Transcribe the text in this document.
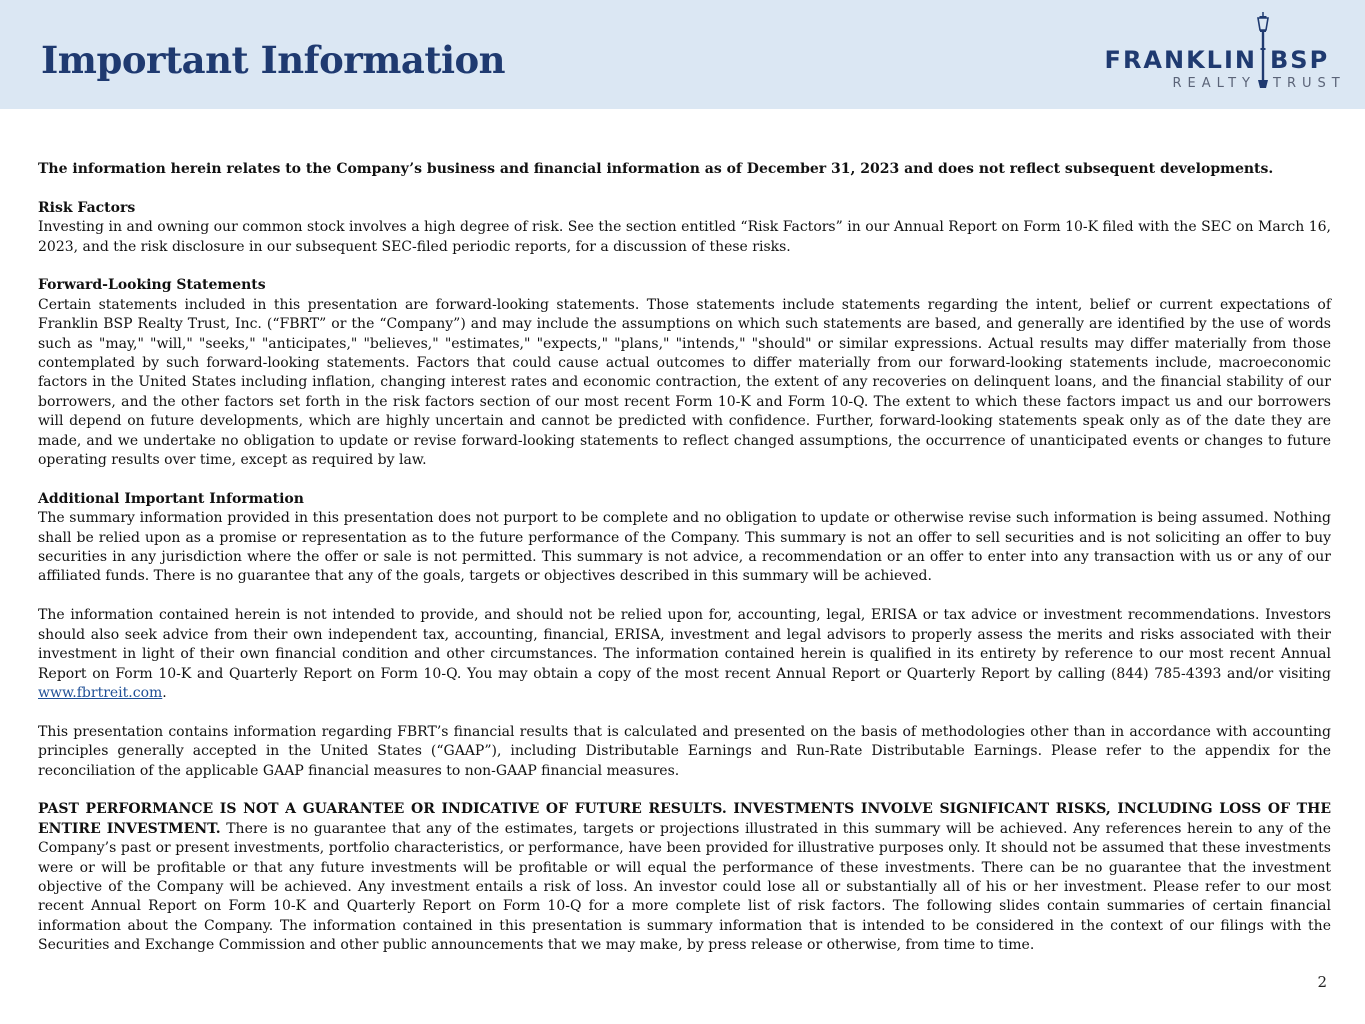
Important Information	FRANKLIN BSP
REALTY TRUST

The information herein relates to the Company’s business and financial information as of December 31, 2023 and does not reflect subsequent developments.

Risk Factors
Investing in and owning our common stock involves a high degree of risk. See the section entitled “Risk Factors” in our Annual Report on Form 10-K filed with the SEC on March 16, 2023, and the risk disclosure in our subsequent SEC-filed periodic reports, for a discussion of these risks.

Forward-Looking Statements
Certain statements included in this presentation are forward-looking statements. Those statements include statements regarding the intent, belief or current expectations of Franklin BSP Realty Trust, Inc. (“FBRT” or the “Company”) and may include the assumptions on which such statements are based, and generally are identified by the use of words such as "may," "will," "seeks," "anticipates," "believes," "estimates," "expects," "plans," "intends," "should" or similar expressions. Actual results may differ materially from those contemplated by such forward-looking statements. Factors that could cause actual outcomes to differ materially from our forward-looking statements include, macroeconomic factors in the United States including inflation, changing interest rates and economic contraction, the extent of any recoveries on delinquent loans, and the financial stability of our borrowers, and the other factors set forth in the risk factors section of our most recent Form 10-K and Form 10-Q. The extent to which these factors impact us and our borrowers will depend on future developments, which are highly uncertain and cannot be predicted with confidence. Further, forward-looking statements speak only as of the date they are made, and we undertake no obligation to update or revise forward-looking statements to reflect changed assumptions, the occurrence of unanticipated events or changes to future operating results over time, except as required by law.

Additional Important Information
The summary information provided in this presentation does not purport to be complete and no obligation to update or otherwise revise such information is being assumed. Nothing shall be relied upon as a promise or representation as to the future performance of the Company. This summary is not an offer to sell securities and is not soliciting an offer to buy securities in any jurisdiction where the offer or sale is not permitted. This summary is not advice, a recommendation or an offer to enter into any transaction with us or any of our affiliated funds. There is no guarantee that any of the goals, targets or objectives described in this summary will be achieved.

The information contained herein is not intended to provide, and should not be relied upon for, accounting, legal, ERISA or tax advice or investment recommendations. Investors should also seek advice from their own independent tax, accounting, financial, ERISA, investment and legal advisors to properly assess the merits and risks associated with their investment in light of their own financial condition and other circumstances. The information contained herein is qualified in its entirety by reference to our most recent Annual Report on Form 10-K and Quarterly Report on Form 10-Q. You may obtain a copy of the most recent Annual Report or Quarterly Report by calling (844) 785-4393 and/or visiting www.fbrtreit.com.

This presentation contains information regarding FBRT’s financial results that is calculated and presented on the basis of methodologies other than in accordance with accounting principles generally accepted in the United States (“GAAP”), including Distributable Earnings and Run-Rate Distributable Earnings. Please refer to the appendix for the reconciliation of the applicable GAAP financial measures to non-GAAP financial measures.

PAST PERFORMANCE IS NOT A GUARANTEE OR INDICATIVE OF FUTURE RESULTS. INVESTMENTS INVOLVE SIGNIFICANT RISKS, INCLUDING LOSS OF THE ENTIRE INVESTMENT. There is no guarantee that any of the estimates, targets or projections illustrated in this summary will be achieved. Any references herein to any of the Company’s past or present investments, portfolio characteristics, or performance, have been provided for illustrative purposes only. It should not be assumed that these investments were or will be profitable or that any future investments will be profitable or will equal the performance of these investments. There can be no guarantee that the investment objective of the Company will be achieved. Any investment entails a risk of loss. An investor could lose all or substantially all of his or her investment. Please refer to our most recent Annual Report on Form 10-K and Quarterly Report on Form 10-Q for a more complete list of risk factors. The following slides contain summaries of certain financial information about the Company. The information contained in this presentation is summary information that is intended to be considered in the context of our filings with the Securities and Exchange Commission and other public announcements that we may make, by press release or otherwise, from time to time.

2
